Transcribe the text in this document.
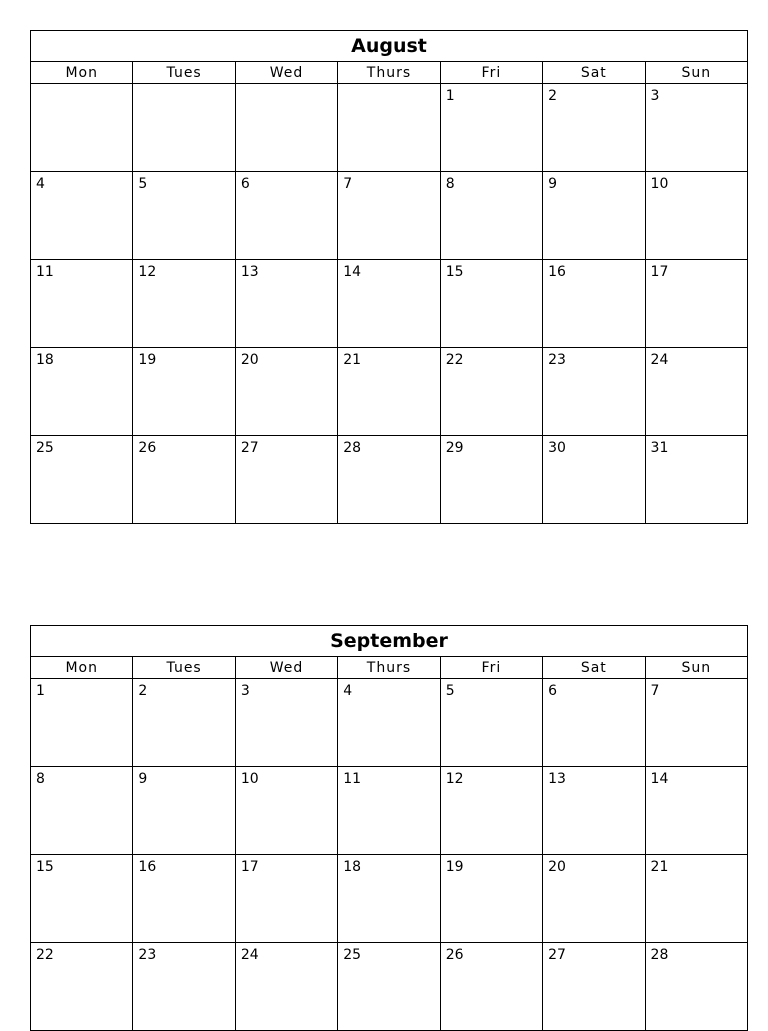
August
Mon	Tues	Wed	Thurs	Fri	Sat	Sun

				1	2	3

4	5	6	7	8	9	10

11	12	13	14	15	16	17

18	19	20	21	22	23	24

25	26	27	28	29	30	31
September
Mon	Tues	Wed	Thurs	Fri	Sat	Sun

1	2	3	4	5	6	7

8	9	10	11	12	13	14

15	16	17	18	19	20	21

22	23	24	25	26	27	28
